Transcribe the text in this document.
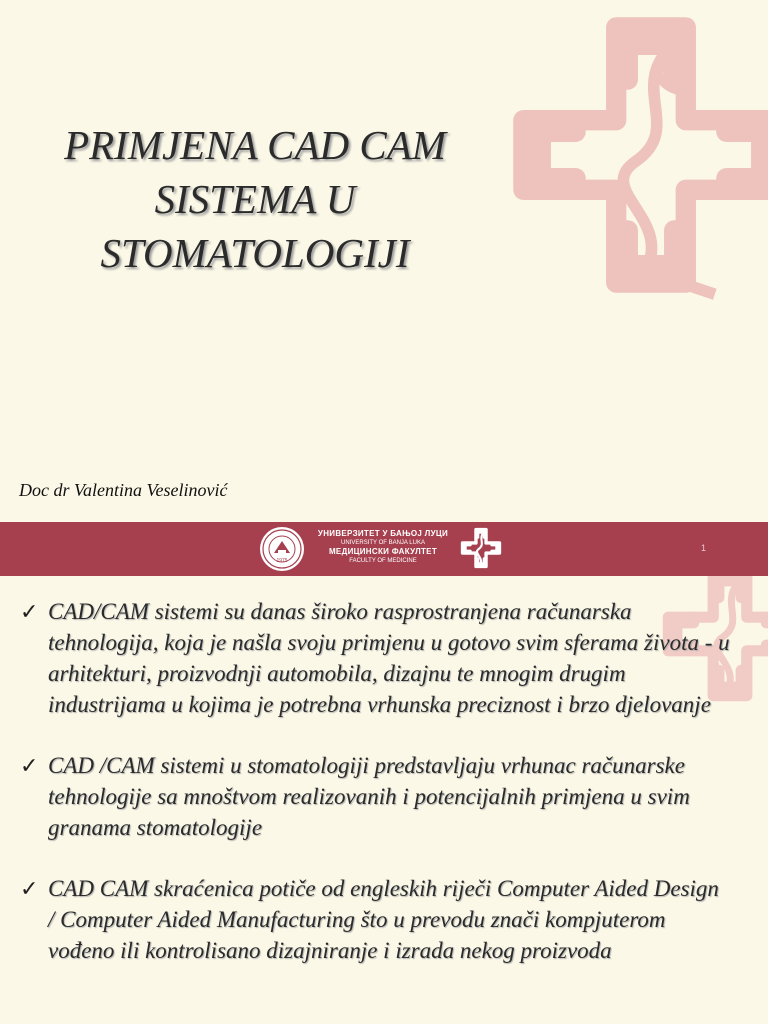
PRIMJENA CAD CAM
SISTEMA U
STOMATOLOGIJI
Doc dr Valentina Veselinović
1975
УНИВЕРЗИТЕТ У БАЊОЈ ЛУЦИ
UNIVERSITY OF BANJA LUKA
МЕДИЦИНСКИ ФАКУЛТЕТ
FACULTY OF MEDICINE
1
✓ CAD/CAM sistemi su danas široko rasprostranjena računarska tehnologija, koja je našla svoju primjenu u gotovo svim sferama života - u arhitekturi, proizvodnji automobila, dizajnu te mnogim drugim industrijama u kojima je potrebna vrhunska preciznost i brzo djelovanje
✓ CAD /CAM sistemi u stomatologiji predstavljaju vrhunac računarske tehnologije sa mnoštvom realizovanih i potencijalnih primjena u svim granama stomatologije
✓ CAD CAM skraćenica potiče od engleskih riječi Computer Aided Design / Computer Aided Manufacturing što u prevodu znači kompjuterom vođeno ili kontrolisano dizajniranje i izrada nekog proizvoda
